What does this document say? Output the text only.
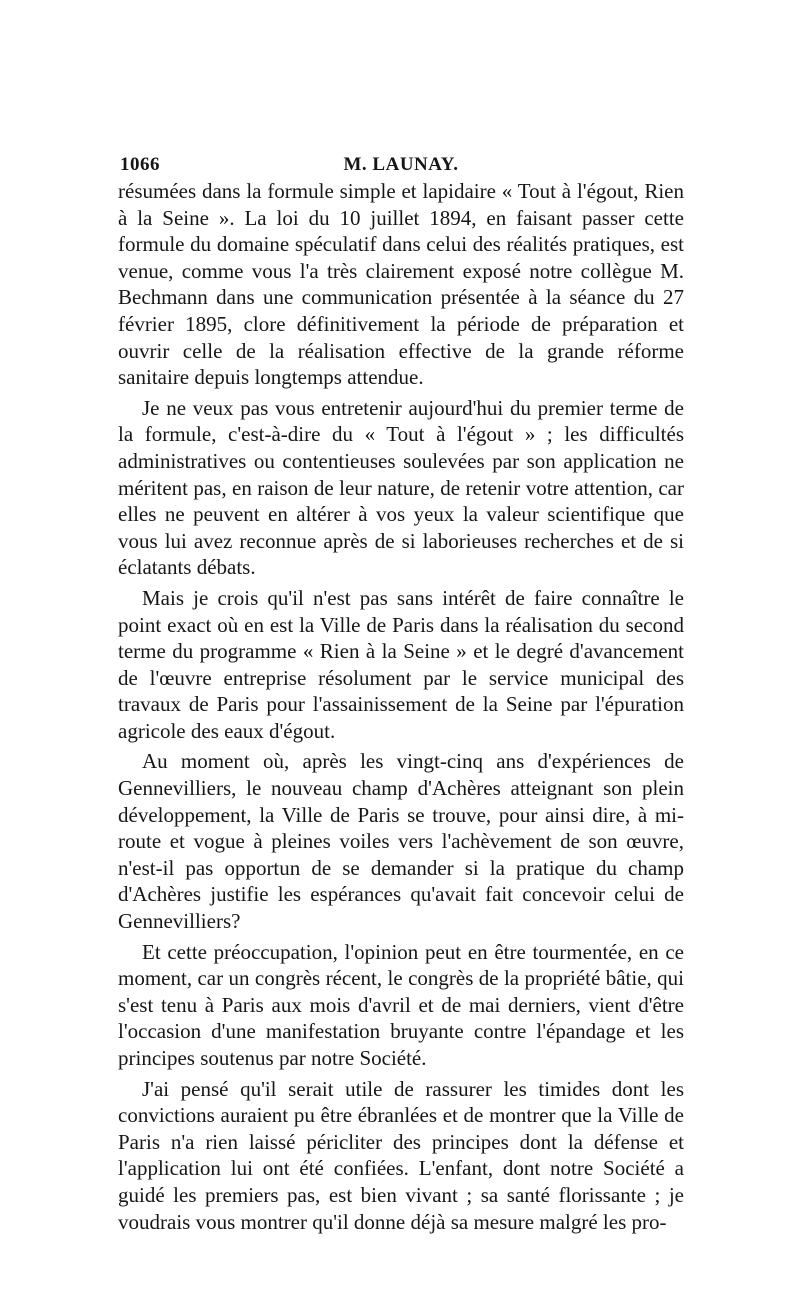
1066	M. LAUNAY.

résumées dans la formule simple et lapidaire « Tout à l'égout, Rien à la Seine ». La loi du 10 juillet 1894, en faisant passer cette formule du domaine spéculatif dans celui des réalités pratiques, est venue, comme vous l'a très clairement exposé notre collègue M. Bechmann dans une communication présentée à la séance du 27 février 1895, clore définitivement la période de préparation et ouvrir celle de la réalisation effective de la grande réforme sanitaire depuis longtemps attendue.

Je ne veux pas vous entretenir aujourd'hui du premier terme de la formule, c'est-à-dire du « Tout à l'égout » ; les difficultés administratives ou contentieuses soulevées par son application ne méritent pas, en raison de leur nature, de retenir votre attention, car elles ne peuvent en altérer à vos yeux la valeur scientifique que vous lui avez reconnue après de si laborieuses recherches et de si éclatants débats.

Mais je crois qu'il n'est pas sans intérêt de faire connaître le point exact où en est la Ville de Paris dans la réalisation du second terme du programme « Rien à la Seine » et le degré d'avancement de l'œuvre entreprise résolument par le service municipal des travaux de Paris pour l'assainissement de la Seine par l'épuration agricole des eaux d'égout.

Au moment où, après les vingt-cinq ans d'expériences de Gennevilliers, le nouveau champ d'Achères atteignant son plein développement, la Ville de Paris se trouve, pour ainsi dire, à mi-route et vogue à pleines voiles vers l'achèvement de son œuvre, n'est-il pas opportun de se demander si la pratique du champ d'Achères justifie les espérances qu'avait fait concevoir celui de Gennevilliers?

Et cette préoccupation, l'opinion peut en être tourmentée, en ce moment, car un congrès récent, le congrès de la propriété bâtie, qui s'est tenu à Paris aux mois d'avril et de mai derniers, vient d'être l'occasion d'une manifestation bruyante contre l'épandage et les principes soutenus par notre Société.

J'ai pensé qu'il serait utile de rassurer les timides dont les convictions auraient pu être ébranlées et de montrer que la Ville de Paris n'a rien laissé péricliter des principes dont la défense et l'application lui ont été confiées. L'enfant, dont notre Société a guidé les premiers pas, est bien vivant ; sa santé florissante ; je voudrais vous montrer qu'il donne déjà sa mesure malgré les pro-
